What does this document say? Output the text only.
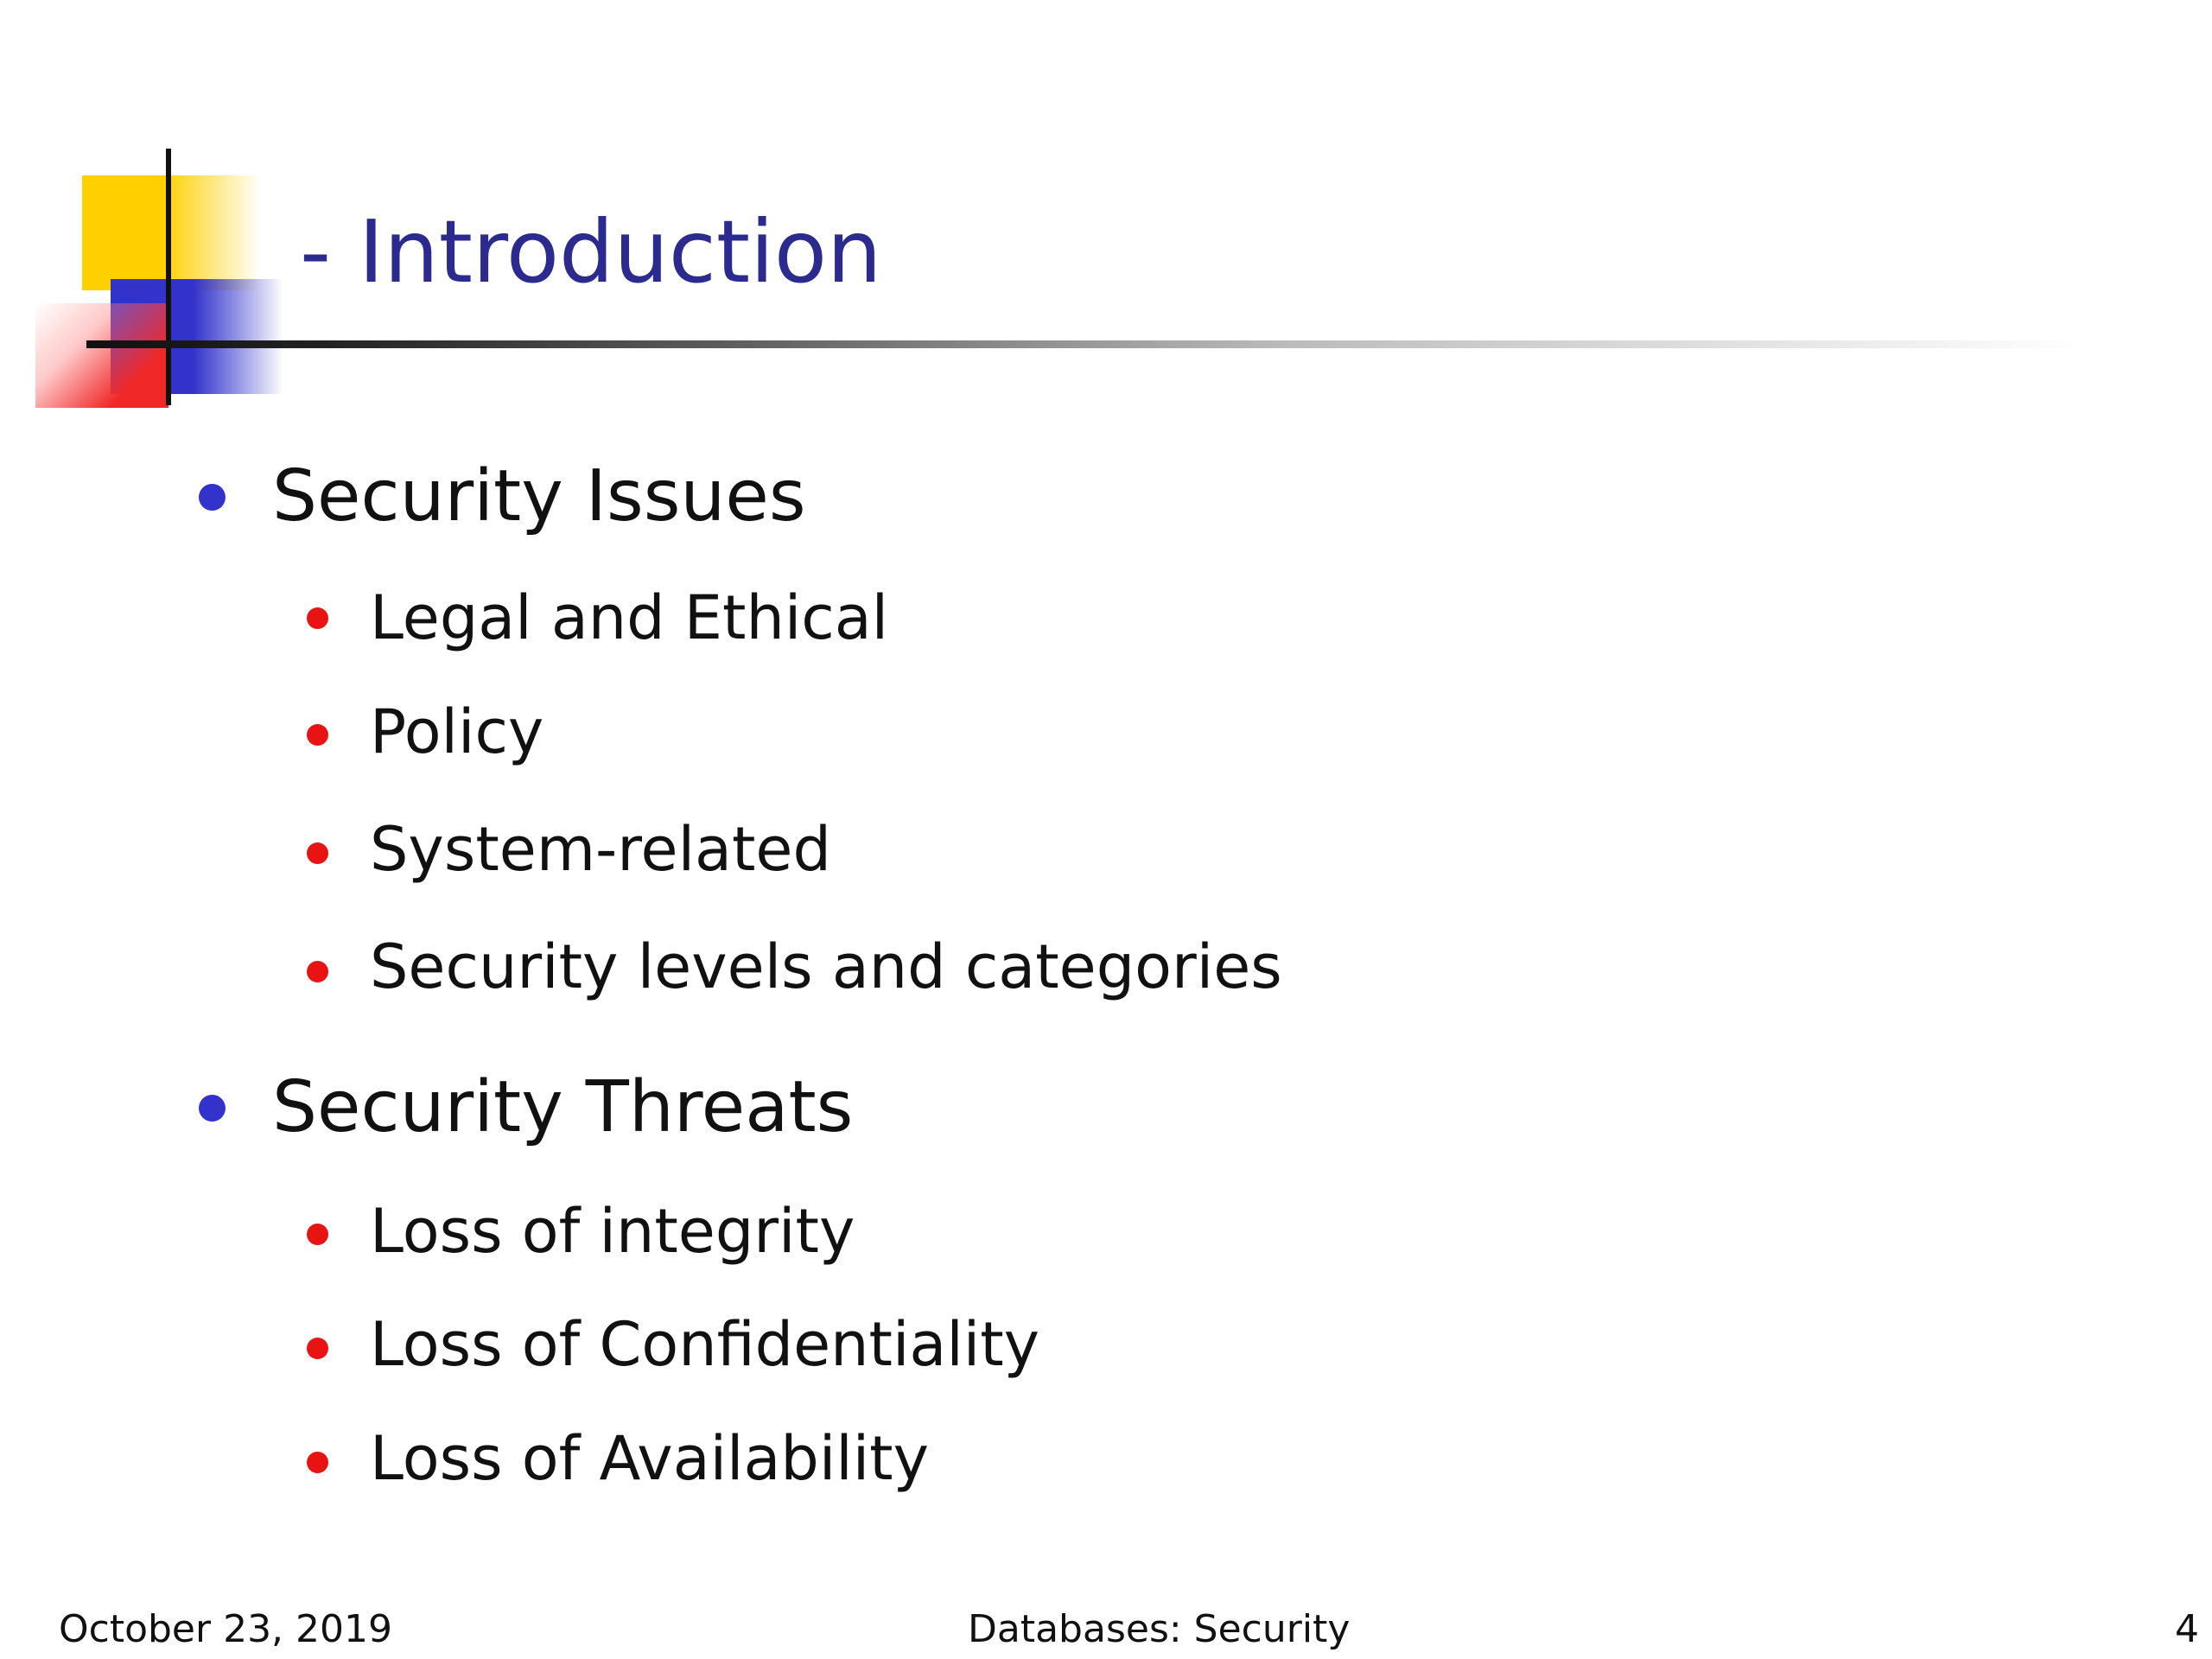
- Introduction

Security Issues

Legal and Ethical

Policy

System-related

Security levels and categories

Security Threats

Loss of integrity

Loss of Confidentiality

Loss of Availability

October 23, 2019	Databases: Security	4
